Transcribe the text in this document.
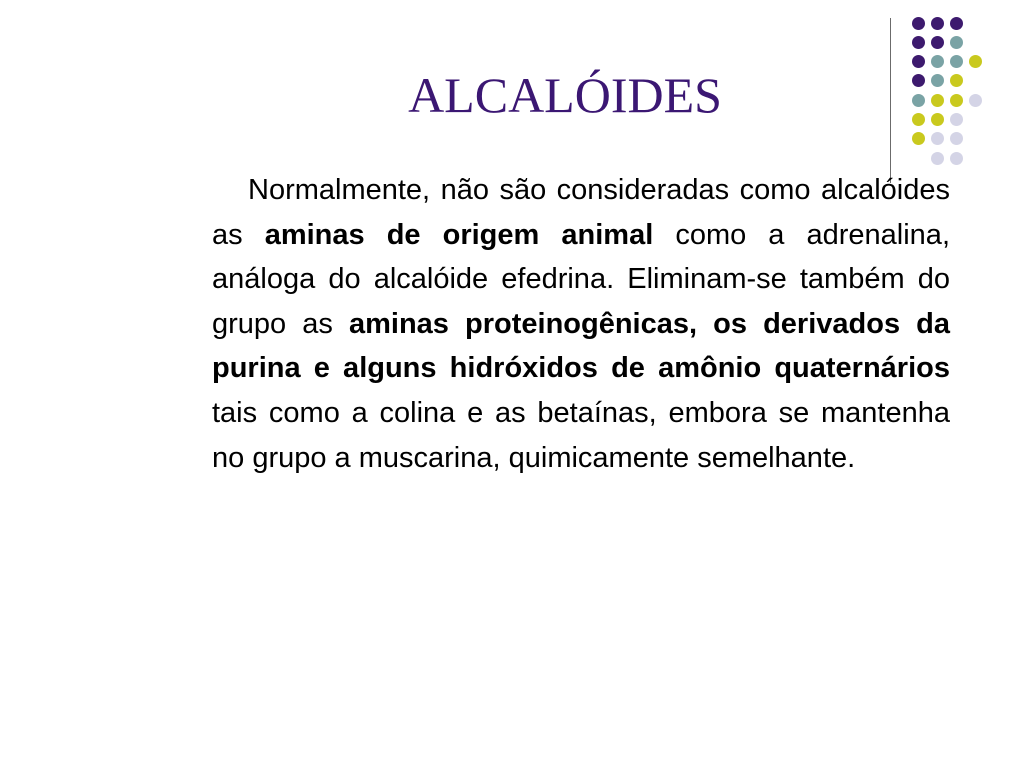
ALCALÓIDES

Normalmente, não são consideradas como alcalóides as aminas de origem animal como a adrenalina, análoga do alcalóide efedrina. Eliminam-se também do grupo as aminas proteinogênicas, os derivados da purina e alguns hidróxidos de amônio quaternários tais como a colina e as betaínas, embora se mantenha no grupo a muscarina, quimicamente semelhante.
